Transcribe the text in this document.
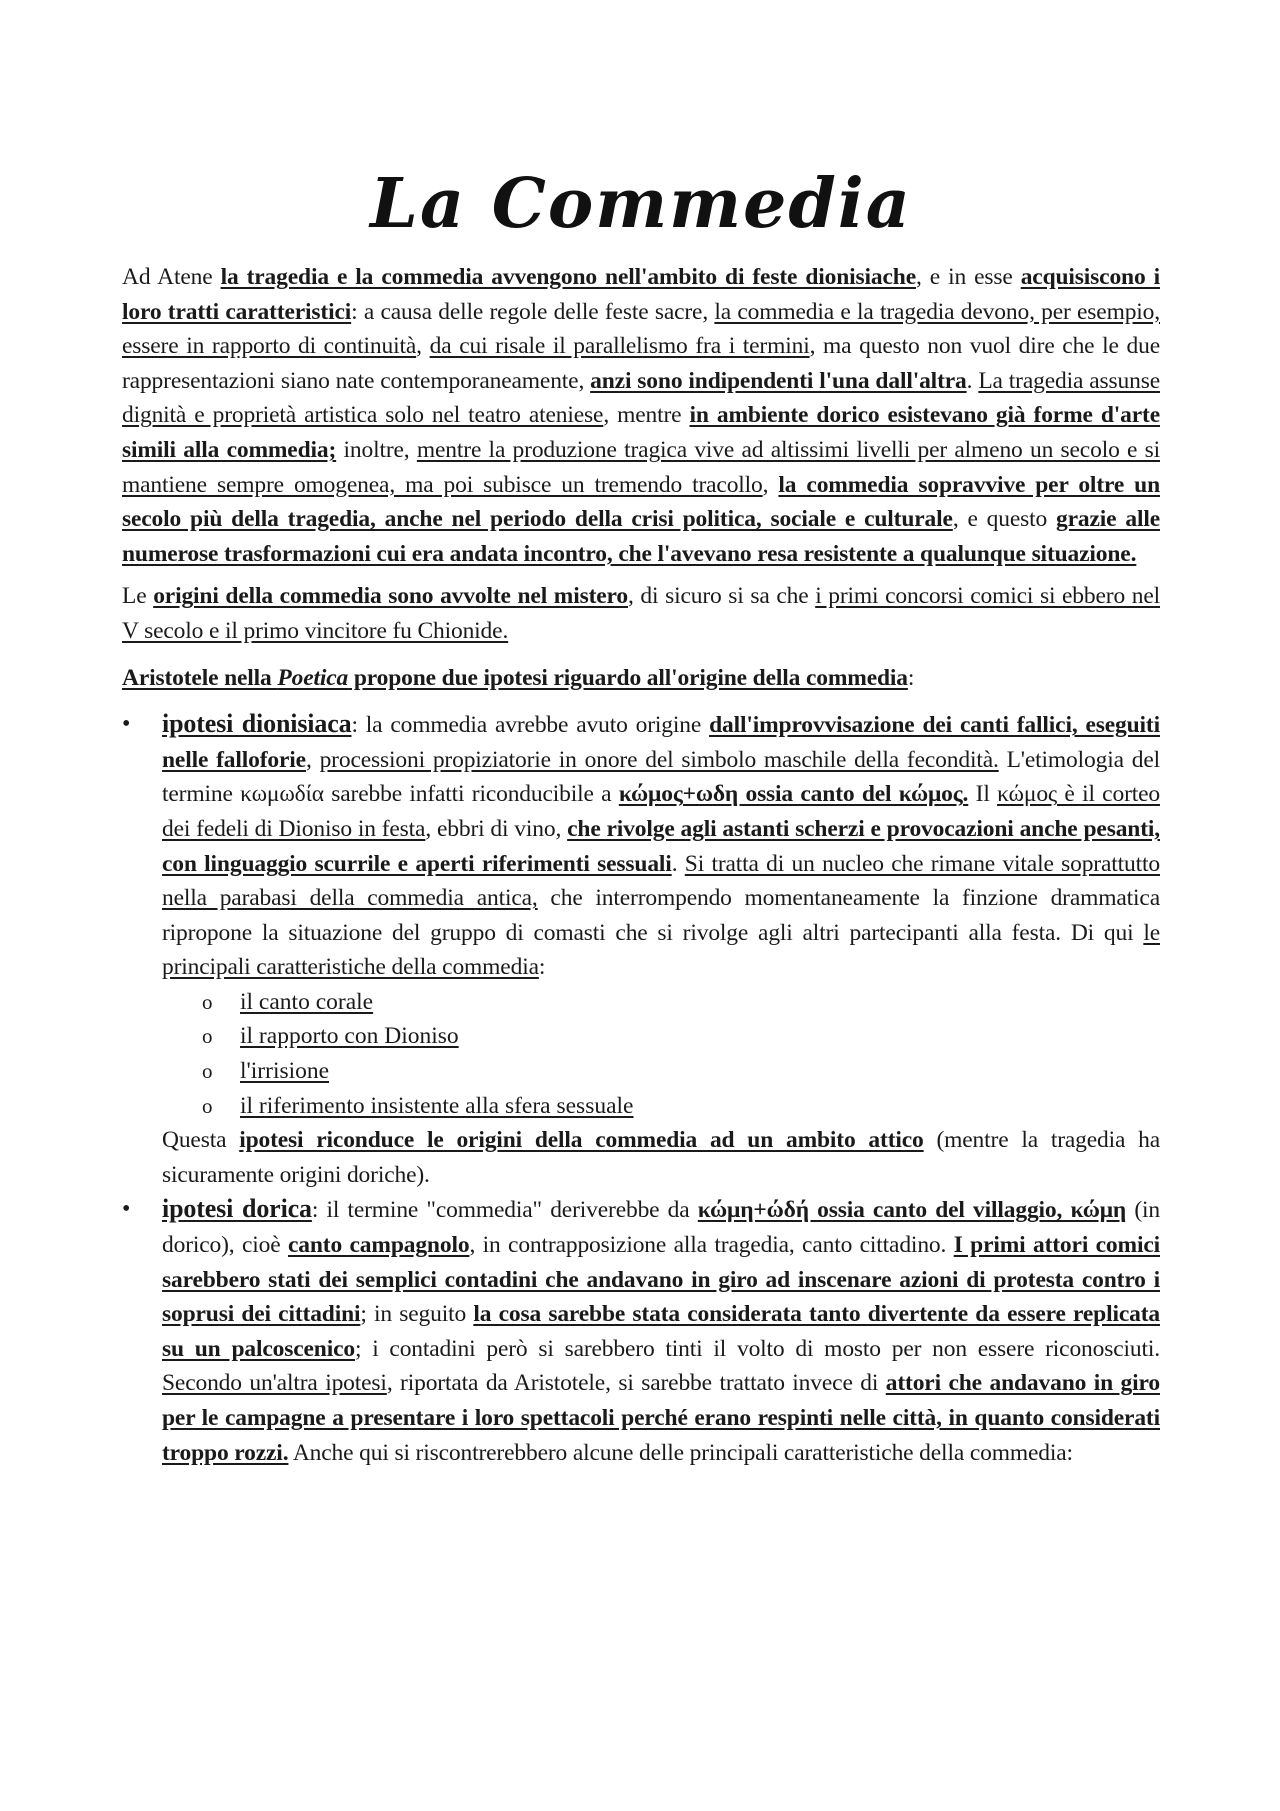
La Commedia

Ad Atene la tragedia e la commedia avvengono nell'ambito di feste dionisiache, e in esse acquisiscono i loro tratti caratteristici: a causa delle regole delle feste sacre, la commedia e la tragedia devono, per esempio, essere in rapporto di continuità, da cui risale il parallelismo fra i termini, ma questo non vuol dire che le due rappresentazioni siano nate contemporaneamente, anzi sono indipendenti l'una dall'altra. La tragedia assunse dignità e proprietà artistica solo nel teatro ateniese, mentre in ambiente dorico esistevano già forme d'arte simili alla commedia; inoltre, mentre la produzione tragica vive ad altissimi livelli per almeno un secolo e si mantiene sempre omogenea, ma poi subisce un tremendo tracollo, la commedia sopravvive per oltre un secolo più della tragedia, anche nel periodo della crisi politica, sociale e culturale, e questo grazie alle numerose trasformazioni cui era andata incontro, che l'avevano resa resistente a qualunque situazione.

Le origini della commedia sono avvolte nel mistero, di sicuro si sa che i primi concorsi comici si ebbero nel V secolo e il primo vincitore fu Chionide.

Aristotele nella Poetica propone due ipotesi riguardo all'origine della commedia:

• ipotesi dionisiaca: la commedia avrebbe avuto origine dall'improvvisazione dei canti fallici, eseguiti nelle falloforie, processioni propiziatorie in onore del simbolo maschile della fecondità. L'etimologia del termine κωμωδία sarebbe infatti riconducibile a κώμος+ωδη ossia canto del κώμος. Il κώμος è il corteo dei fedeli di Dioniso in festa, ebbri di vino, che rivolge agli astanti scherzi e provocazioni anche pesanti, con linguaggio scurrile e aperti riferimenti sessuali. Si tratta di un nucleo che rimane vitale soprattutto nella parabasi della commedia antica, che interrompendo momentaneamente la finzione drammatica ripropone la situazione del gruppo di comasti che si rivolge agli altri partecipanti alla festa. Di qui le principali caratteristiche della commedia:

o il canto corale
o il rapporto con Dioniso
o l'irrisione
o il riferimento insistente alla sfera sessuale

Questa ipotesi riconduce le origini della commedia ad un ambito attico (mentre la tragedia ha sicuramente origini doriche).

• ipotesi dorica: il termine "commedia" deriverebbe da κώμη+ώδή ossia canto del villaggio, κώμη (in dorico), cioè canto campagnolo, in contrapposizione alla tragedia, canto cittadino. I primi attori comici sarebbero stati dei semplici contadini che andavano in giro ad inscenare azioni di protesta contro i soprusi dei cittadini; in seguito la cosa sarebbe stata considerata tanto divertente da essere replicata su un palcoscenico; i contadini però si sarebbero tinti il volto di mosto per non essere riconosciuti. Secondo un'altra ipotesi, riportata da Aristotele, si sarebbe trattato invece di attori che andavano in giro per le campagne a presentare i loro spettacoli perché erano respinti nelle città, in quanto considerati troppo rozzi. Anche qui si riscontrerebbero alcune delle principali caratteristiche della commedia:
